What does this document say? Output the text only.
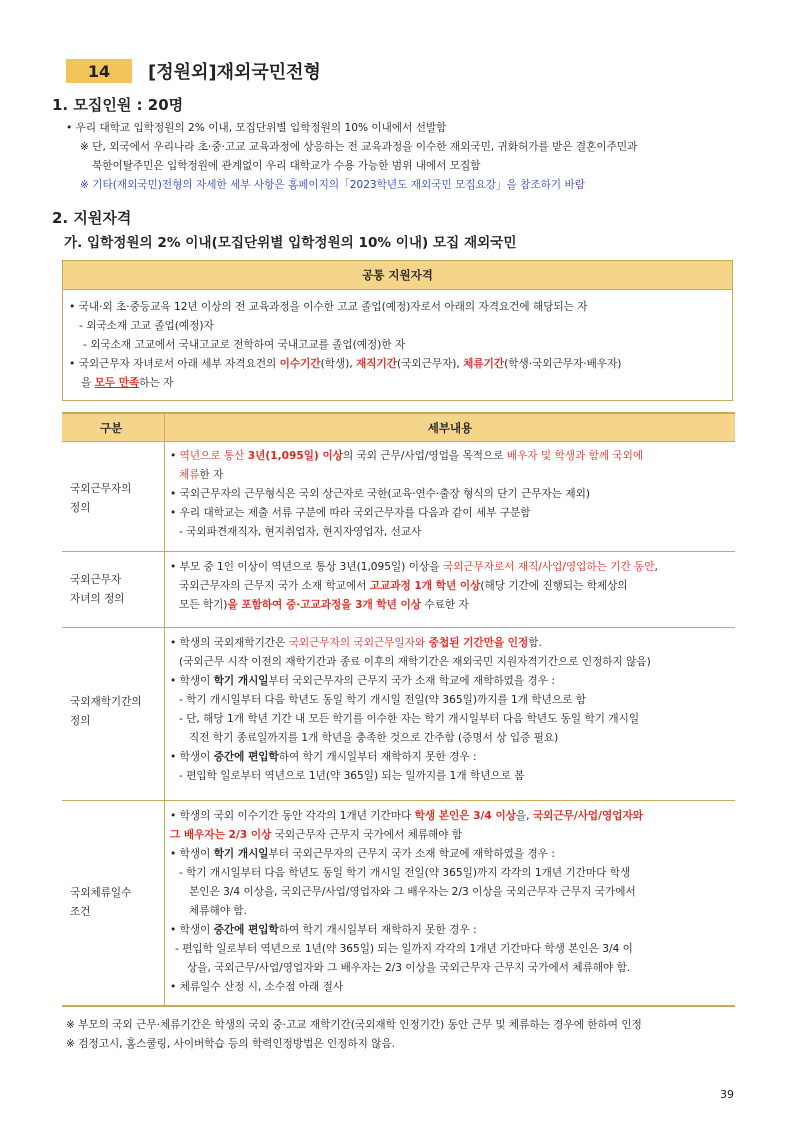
14	[정원외]재외국민전형
1. 모집인원 : 20명
• 우리 대학교 입학정원의 2% 이내, 모집단위별 입학정원의 10% 이내에서 선발함
※ 단, 외국에서 우리나라 초·중·고교 교육과정에 상응하는 전 교육과정을 이수한 재외국민, 귀화허가를 받은 결혼이주민과
북한이탈주민은 입학정원에 관계없이 우리 대학교가 수용 가능한 범위 내에서 모집함
※ 기타(재외국민)전형의 자세한 세부 사항은 홈페이지의「2023학년도 재외국민 모집요강」을 참조하기 바람
2. 지원자격
가. 입학정원의 2% 이내(모집단위별 입학정원의 10% 이내) 모집 재외국민
공통 지원자격
• 국내·외 초·중등교육 12년 이상의 전 교육과정을 이수한 고교 졸업(예정)자로서 아래의 자격요건에 해당되는 자
- 외국소재 고교 졸업(예정)자
- 외국소재 고교에서 국내고교로 전학하여 국내고교를 졸업(예정)한 자
• 국외근무자 자녀로서 아래 세부 자격요건의 이수기간(학생), 재직기간(국외근무자), 체류기간(학생·국외근무자·배우자)
을 모두 만족하는 자
구분	세부내용
국외근무자의
정의
• 역년으로 통산 3년(1,095일) 이상의 국외 근무/사업/영업을 목적으로 배우자 및 학생과 함께 국외에
체류한 자
• 국외근무자의 근무형식은 국외 상근자로 국한(교육·연수·출장 형식의 단기 근무자는 제외)
• 우리 대학교는 제출 서류 구분에 따라 국외근무자를 다음과 같이 세부 구분함
- 국외파견재직자, 현지취업자, 현지자영업자, 선교사
국외근무자
자녀의 정의
• 부모 중 1인 이상이 역년으로 통상 3년(1,095일) 이상을 국외근무자로서 재직/사업/영업하는 기간 동안,
국외근무자의 근무지 국가 소재 학교에서 고교과정 1개 학년 이상(해당 기간에 진행되는 학제상의
모든 학기)을 포함하여 중·고교과정을 3개 학년 이상 수료한 자
국외재학기간의
정의
• 학생의 국외재학기간은 국외근무자의 국외근무일자와 중첩된 기간만을 인정함.
(국외근무 시작 이전의 재학기간과 종료 이후의 재학기간은 재외국민 지원자격기간으로 인정하지 않음)
• 학생이 학기 개시일부터 국외근무자의 근무지 국가 소재 학교에 재학하였을 경우 :
- 학기 개시일부터 다음 학년도 동일 학기 개시일 전일(약 365일)까지를 1개 학년으로 함
- 단, 해당 1개 학년 기간 내 모든 학기를 이수한 자는 학기 개시일부터 다음 학년도 동일 학기 개시일
직전 학기 종료일까지를 1개 학년을 충족한 것으로 간주함 (증명서 상 입증 필요)
• 학생이 중간에 편입학하여 학기 개시일부터 재학하지 못한 경우 :
- 편입학 일로부터 역년으로 1년(약 365일) 되는 일까지를 1개 학년으로 봄
국외체류일수
조건
• 학생의 국외 이수기간 동안 각각의 1개년 기간마다 학생 본인은 3/4 이상을, 국외근무/사업/영업자와
그 배우자는 2/3 이상 국외근무자 근무지 국가에서 체류해야 함
• 학생이 학기 개시일부터 국외근무자의 근무지 국가 소재 학교에 재학하였을 경우 :
- 학기 개시일부터 다음 학년도 동일 학기 개시일 전일(약 365일)까지 각각의 1개년 기간마다 학생
본인은 3/4 이상을, 국외근무/사업/영업자와 그 배우자는 2/3 이상을 국외근무자 근무지 국가에서
체류해야 함.
• 학생이 중간에 편입학하여 학기 개시일부터 재학하지 못한 경우 :
- 편입학 일로부터 역년으로 1년(약 365일) 되는 일까지 각각의 1개년 기간마다 학생 본인은 3/4 이
상을, 국외근무/사업/영업자와 그 배우자는 2/3 이상을 국외근무자 근무지 국가에서 체류해야 함.
• 체류일수 산정 시, 소수점 아래 절사
※ 부모의 국외 근무·체류기간은 학생의 국외 중·고교 재학기간(국외재학 인정기간) 동안 근무 및 체류하는 경우에 한하여 인정
※ 검정고시, 홈스쿨링, 사이버학습 등의 학력인정방법은 인정하지 않음.
39
